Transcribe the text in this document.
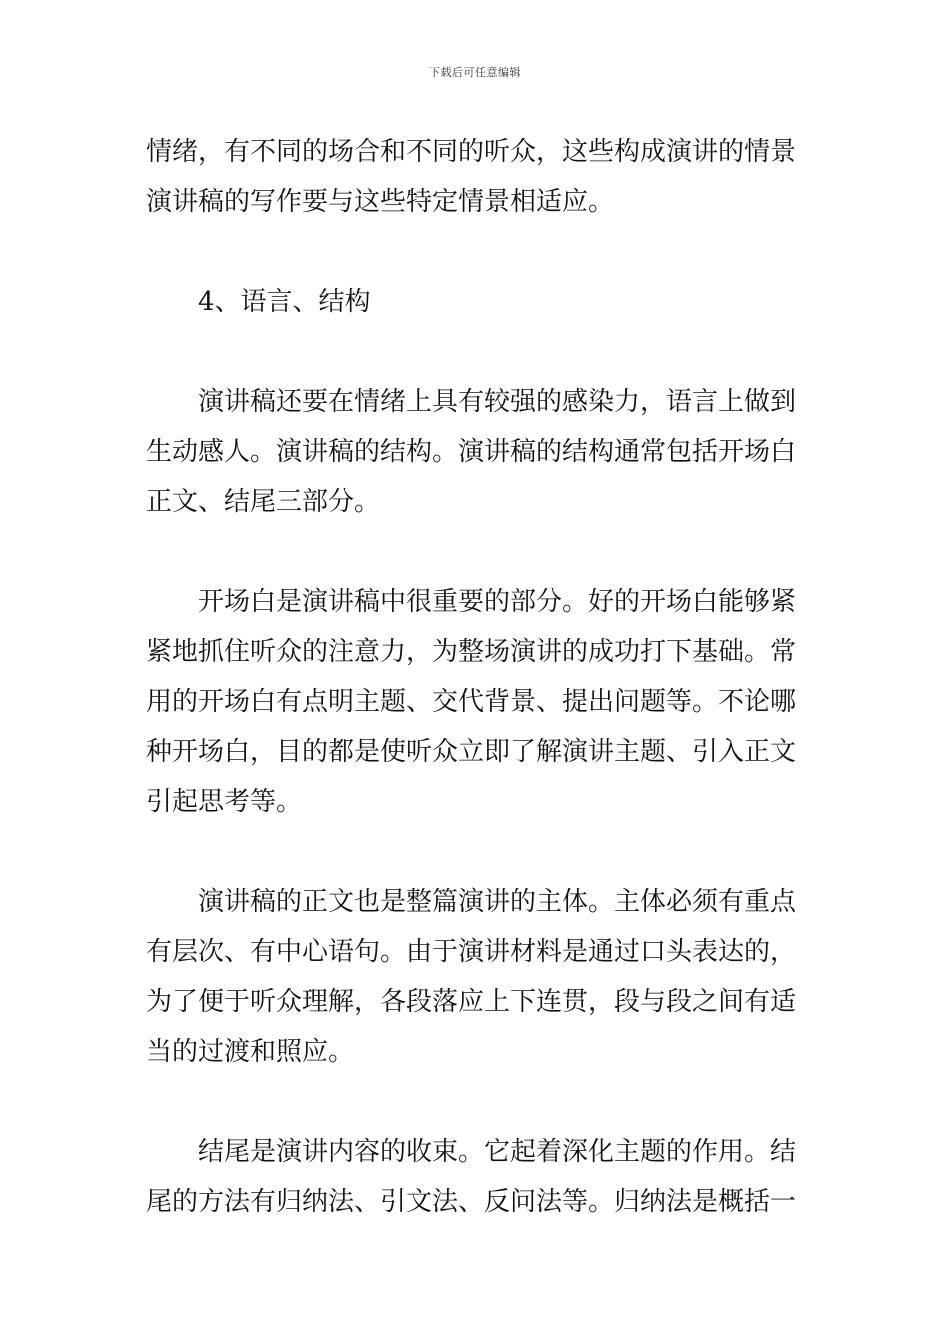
下载后可任意编辑

情绪，有不同的场合和不同的听众，这些构成演讲的情景
演讲稿的写作要与这些特定情景相适应。

4、语言、结构

演讲稿还要在情绪上具有较强的感染力，语言上做到
生动感人。演讲稿的结构。演讲稿的结构通常包括开场白
正文、结尾三部分。

开场白是演讲稿中很重要的部分。好的开场白能够紧
紧地抓住听众的注意力，为整场演讲的成功打下基础。常
用的开场白有点明主题、交代背景、提出问题等。不论哪
种开场白，目的都是使听众立即了解演讲主题、引入正文
引起思考等。

演讲稿的正文也是整篇演讲的主体。主体必须有重点
有层次、有中心语句。由于演讲材料是通过口头表达的，
为了便于听众理解，各段落应上下连贯，段与段之间有适
当的过渡和照应。

结尾是演讲内容的收束。它起着深化主题的作用。结
尾的方法有归纳法、引文法、反问法等。归纳法是概括一
